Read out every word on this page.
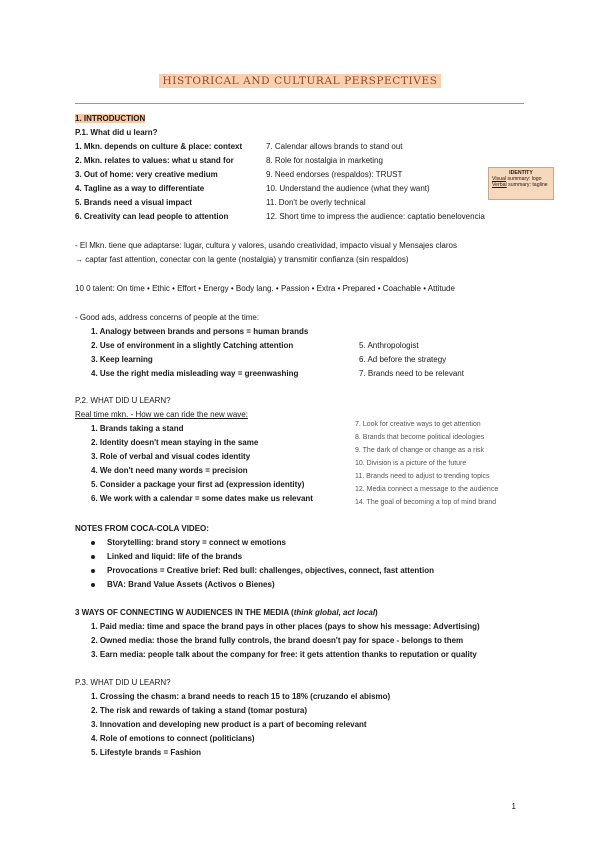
HISTORICAL AND CULTURAL PERSPECTIVES
1. INTRODUCTION
P.1. What did u learn?
1. Mkn. depends on culture & place: context
2. Mkn. relates to values: what u stand for
3. Out of home: very creative medium
4. Tagline as a way to differentiate
5. Brands need a visual impact
6. Creativity can lead people to attention
7. Calendar allows brands to stand out
8. Role for nostalgia in marketing
9. Need endorses (respaldos): TRUST
10. Understand the audience (what they want)
11. Don't be overly technical
12. Short time to impress the audience: captatio benelovencia
IDENTITY
Visual summary: logo
Verbal summary: tagline
- El Mkn. tiene que adaptarse: lugar, cultura y valores, usando creatividad, impacto visual y Mensajes claros
→ captar fast attention, conectar con la gente (nostalgia) y transmitir confianza (sin respaldos)
10 0 talent: On time • Ethic • Effort • Energy • Body lang. • Passion • Extra • Prepared • Coachable • Attitude
- Good ads, address concerns of people at the time:
1. Analogy between brands and persons = human brands
2. Use of environment in a slightly Catching attention
3. Keep learning
4. Use the right media misleading way = greenwashing
5. Anthropologist
6. Ad before the strategy
7. Brands need to be relevant
P.2. WHAT DID U LEARN?
Real time mkn. - How we can ride the new wave:
1. Brands taking a stand
2. Identity doesn't mean staying in the same
3. Role of verbal and visual codes identity
4. We don't need many words = precision
5. Consider a package your first ad (expression identity)
6. We work with a calendar = some dates make us relevant
7. Look for creative ways to get attention
8. Brands that become political ideologies
9. The dark of change or change as a risk
10. Division is a picture of the future
11. Brands need to adjust to trending topics
12. Media connect a message to the audience
14. The goal of becoming a top of mind brand
NOTES FROM COCA-COLA VIDEO:
Storytelling: brand story = connect w emotions
Linked and liquid: life of the brands
Provocations = Creative brief: Red bull: challenges, objectives, connect, fast attention
BVA: Brand Value Assets (Activos o Bienes)
3 WAYS OF CONNECTING W AUDIENCES IN THE MEDIA (think global, act local)
1. Paid media: time and space the brand pays in other places (pays to show his message: Advertising)
2. Owned media: those the brand fully controls, the brand doesn't pay for space - belongs to them
3. Earn media: people talk about the company for free: it gets attention thanks to reputation or quality
P.3. WHAT DID U LEARN?
1. Crossing the chasm: a brand needs to reach 15 to 18% (cruzando el abismo)
2. The risk and rewards of taking a stand (tomar postura)
3. Innovation and developing new product is a part of becoming relevant
4. Role of emotions to connect (politicians)
5. Lifestyle brands = Fashion
1
